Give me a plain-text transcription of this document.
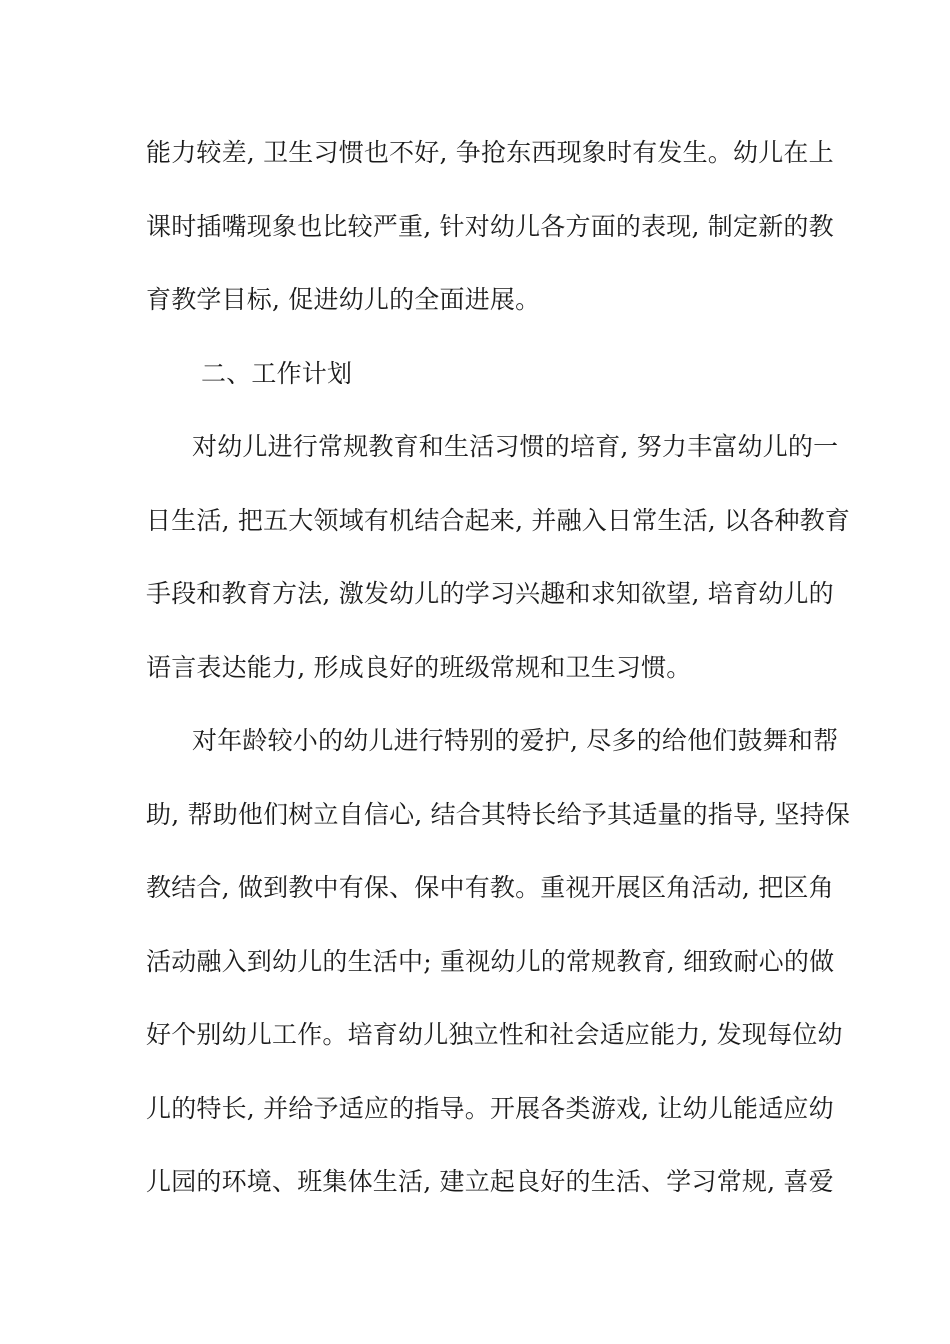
能力较差, 卫生习惯也不好, 争抢东西现象时有发生。幼儿在上
课时插嘴现象也比较严重, 针对幼儿各方面的表现, 制定新的教
育教学目标, 促进幼儿的全面进展。
二、工作计划
对幼儿进行常规教育和生活习惯的培育, 努力丰富幼儿的一
日生活, 把五大领域有机结合起来, 并融入日常生活, 以各种教育
手段和教育方法, 激发幼儿的学习兴趣和求知欲望, 培育幼儿的
语言表达能力, 形成良好的班级常规和卫生习惯。
对年龄较小的幼儿进行特别的爱护, 尽多的给他们鼓舞和帮
助, 帮助他们树立自信心, 结合其特长给予其适量的指导, 坚持保
教结合, 做到教中有保、保中有教。重视开展区角活动, 把区角
活动融入到幼儿的生活中; 重视幼儿的常规教育, 细致耐心的做
好个别幼儿工作。培育幼儿独立性和社会适应能力, 发现每位幼
儿的特长, 并给予适应的指导。开展各类游戏, 让幼儿能适应幼
儿园的环境、班集体生活, 建立起良好的生活、学习常规, 喜爱
